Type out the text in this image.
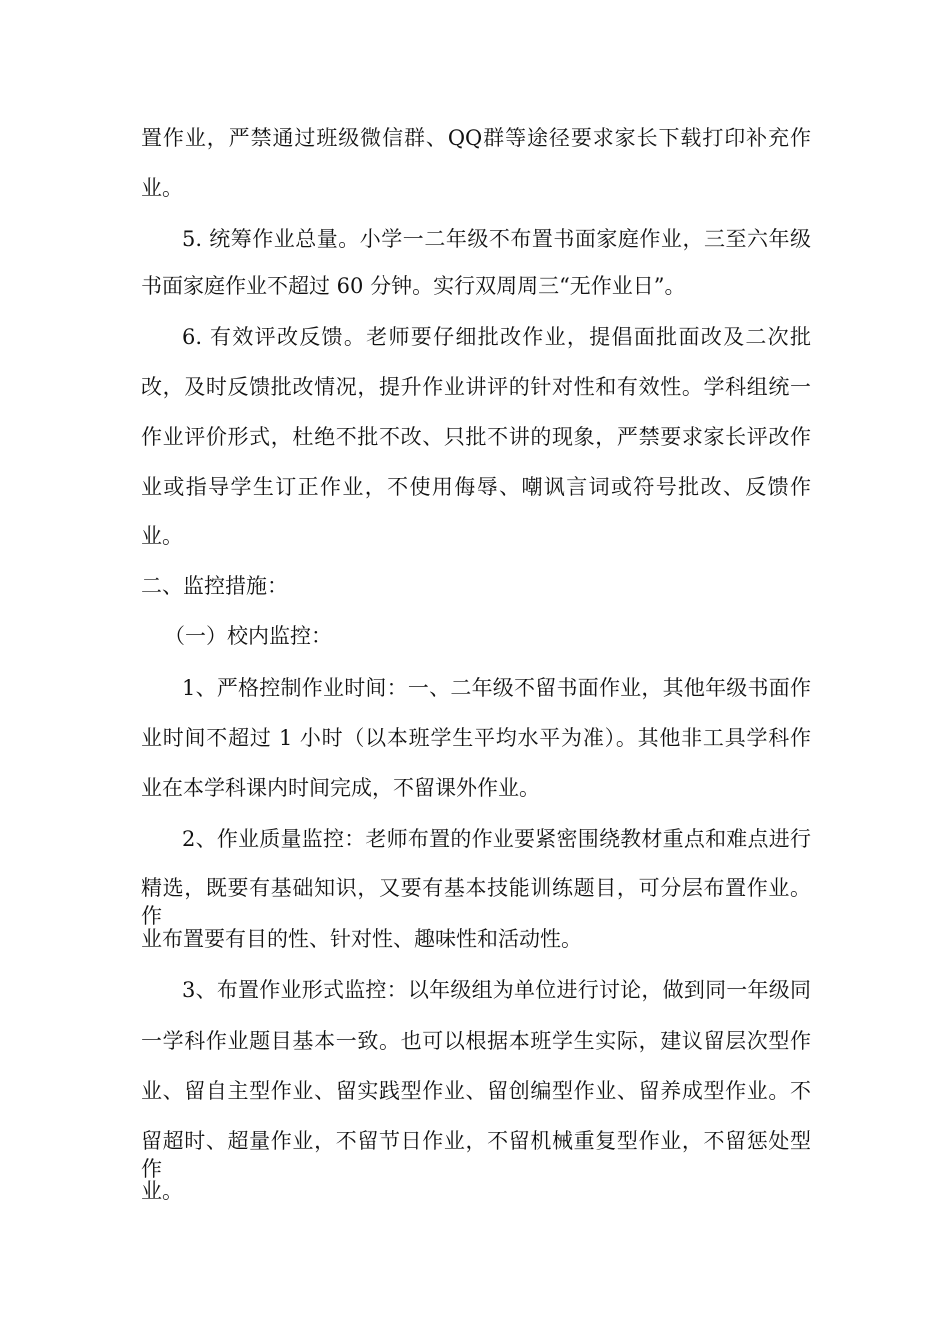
置作业，严禁通过班级微信群、QQ群等途径要求家长下载打印补充作
业。
5. 统筹作业总量。小学一二年级不布置书面家庭作业，三至六年级
书面家庭作业不超过 60 分钟。实行双周周三“无作业日”。
6. 有效评改反馈。老师要仔细批改作业，提倡面批面改及二次批
改，及时反馈批改情况，提升作业讲评的针对性和有效性。学科组统一
作业评价形式，杜绝不批不改、只批不讲的现象，严禁要求家长评改作
业或指导学生订正作业，不使用侮辱、嘲讽言词或符号批改、反馈作
业。
二、监控措施：
（一）校内监控：
1、严格控制作业时间：一、二年级不留书面作业，其他年级书面作
业时间不超过 1 小时（以本班学生平均水平为准）。其他非工具学科作
业在本学科课内时间完成，不留课外作业。
2、作业质量监控：老师布置的作业要紧密围绕教材重点和难点进行
精选，既要有基础知识，又要有基本技能训练题目，可分层布置作业。作
业布置要有目的性、针对性、趣味性和活动性。
3、布置作业形式监控：以年级组为单位进行讨论，做到同一年级同
一学科作业题目基本一致。也可以根据本班学生实际，建议留层次型作
业、留自主型作业、留实践型作业、留创编型作业、留养成型作业。不
留超时、超量作业，不留节日作业，不留机械重复型作业，不留惩处型作
业。
